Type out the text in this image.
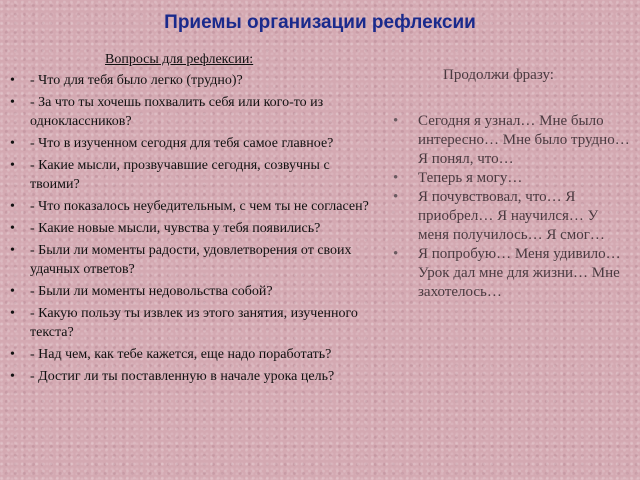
Приемы организации рефлексии
Вопросы для рефлексии:
• - Что для тебя было легко (трудно)?
• - За что ты хочешь похвалить себя или кого-то из одноклассников?
• - Что в изученном сегодня для тебя самое главное?
• - Какие мысли, прозвучавшие сегодня, созвучны с твоими?
• - Что показалось неубедительным, с чем ты не согласен?
• - Какие новые мысли, чувства у тебя появились?
• - Были ли моменты радости, удовлетворения от своих удачных ответов?
• - Были ли моменты недовольства собой?
• - Какую пользу ты извлек из этого занятия, изученного текста?
• - Над чем, как тебе кажется, еще надо поработать?
• - Достиг ли ты поставленную в начале урока цель?
Продолжи фразу:
• Сегодня я узнал… Мне было интересно… Мне было трудно… Я понял, что…
• Теперь я могу…
• Я почувствовал, что… Я приобрел… Я научился… У меня получилось… Я смог…
• Я попробую… Меня удивило… Урок дал мне для жизни… Мне захотелось…
